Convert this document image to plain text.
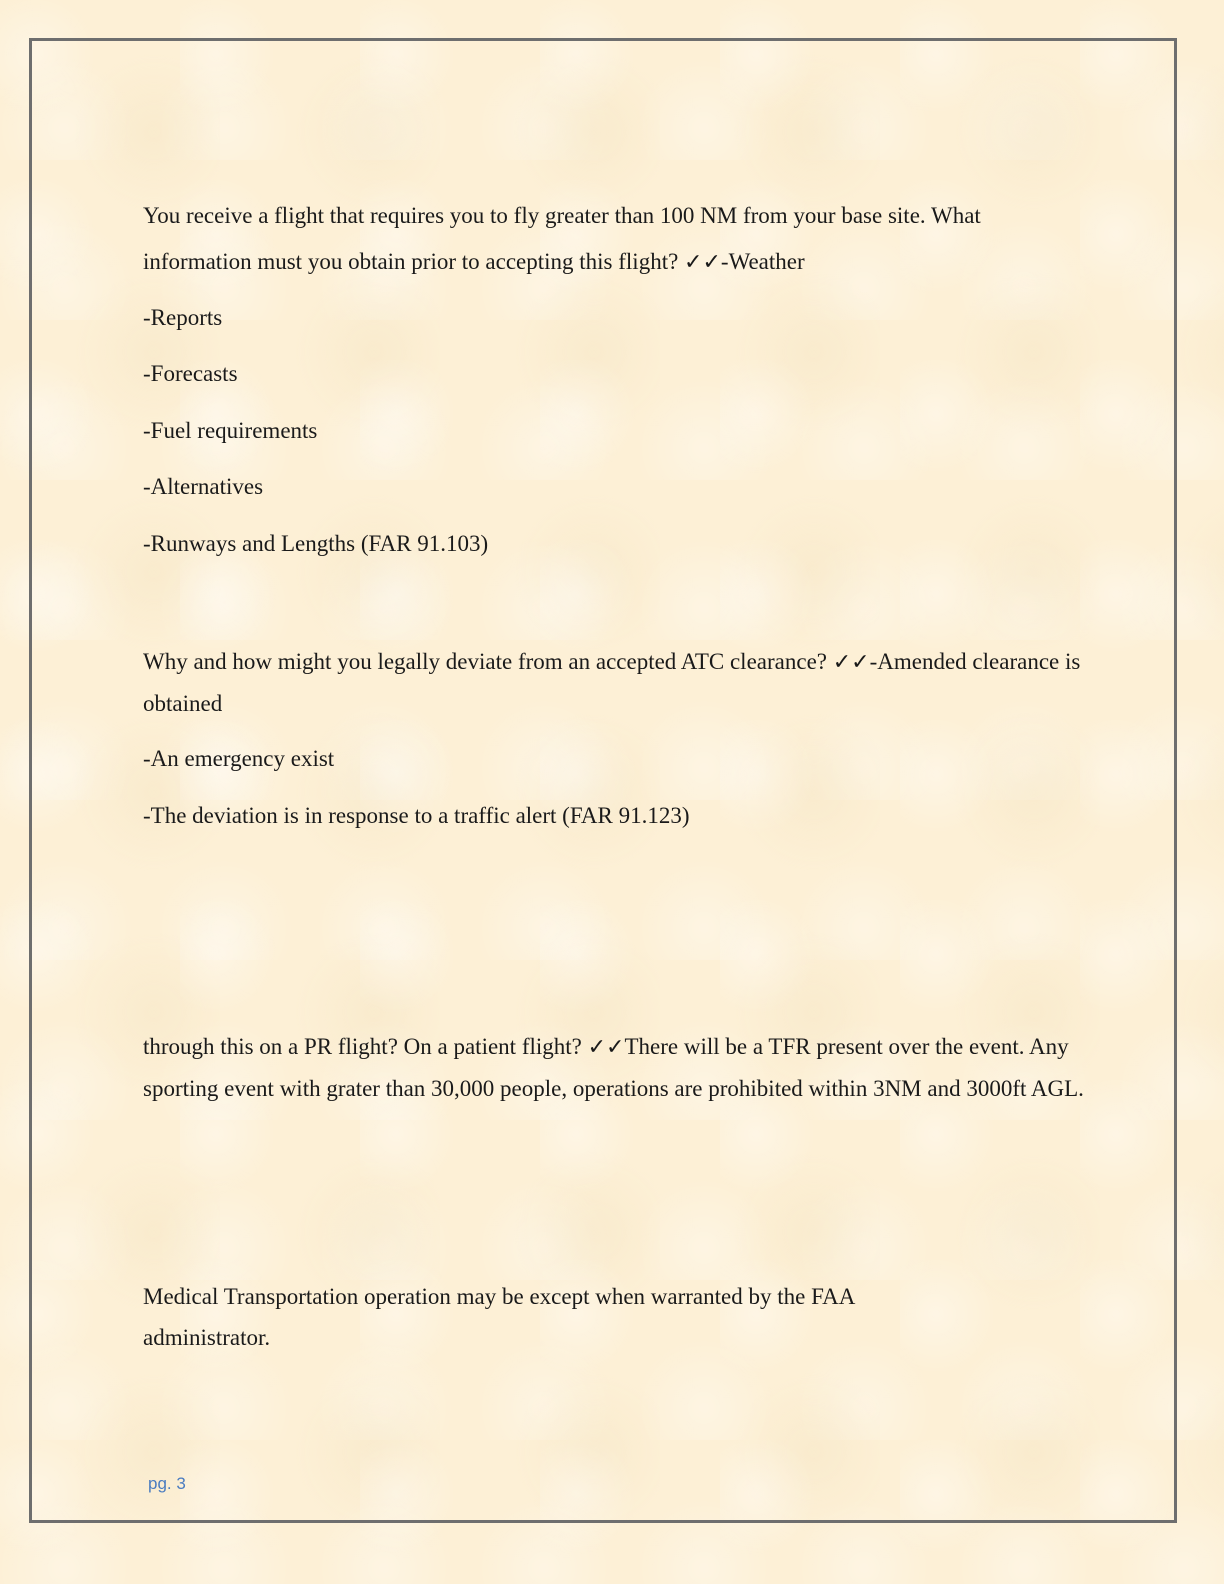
You receive a flight that requires you to fly greater than 100 NM from your base site. What information must you obtain prior to accepting this flight? ✓✓-Weather
-Reports
-Forecasts
-Fuel requirements
-Alternatives
-Runways and Lengths (FAR 91.103)
Why and how might you legally deviate from an accepted ATC clearance? ✓✓-Amended clearance is obtained
-An emergency exist
-The deviation is in response to a traffic alert (FAR 91.123)
through this on a PR flight? On a patient flight? ✓✓There will be a TFR present over the event. Any sporting event with grater than 30,000 people, operations are prohibited within 3NM and 3000ft AGL.
Medical Transportation operation may be except when warranted by the FAA administrator.
pg. 3
